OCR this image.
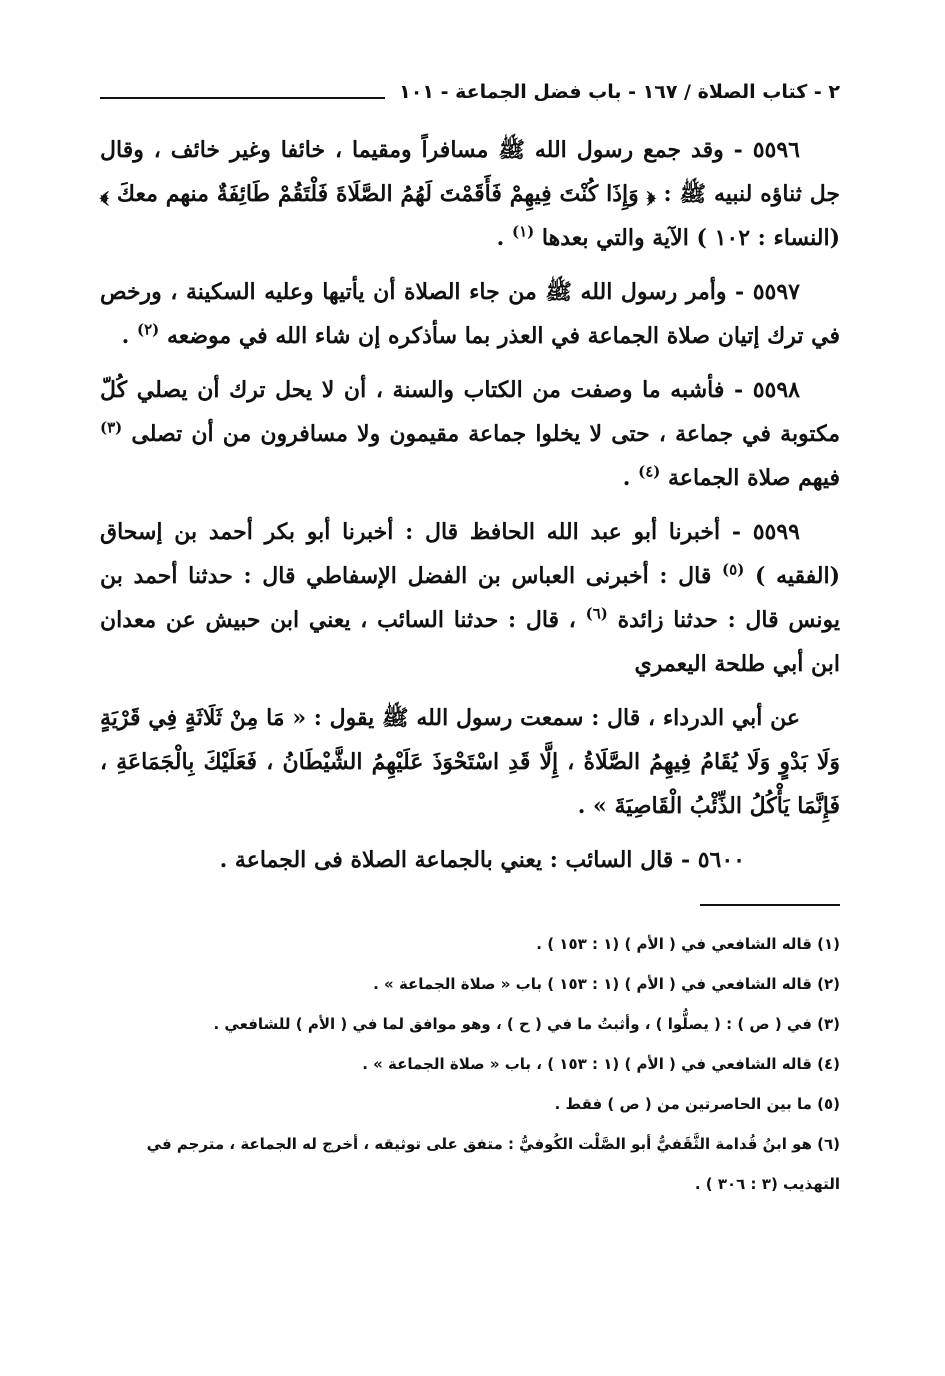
٢ - كتاب الصلاة / ١٦٧ - باب فضل الجماعة - ١٠١

٥٥٩٦ - وقد جمع رسول الله ﷺ مسافراً ومقيما ، خائفا وغير خائف ، وقال جل ثناؤه لنبيه ﷺ : ﴿ وَإِذَا كُنْتَ فِيهِمْ فَأَقَمْتَ لَهُمُ الصَّلَاةَ فَلْتَقُمْ طَائِفَةٌ منهم معكَ ﴾ (النساء : ١٠٢ ) الآية والتي بعدها $^{(١)}$ .

٥٥٩٧ - وأمر رسول الله ﷺ من جاء الصلاة أن يأتيها وعليه السكينة ، ورخص في ترك إتيان صلاة الجماعة في العذر بما سأذكره إن شاء الله في موضعه $^{(٢)}$ .

٥٥٩٨ - فأشبه ما وصفت من الكتاب والسنة ، أن لا يحل ترك أن يصلي كُلّ مكتوبة في جماعة ، حتى لا يخلوا جماعة مقيمون ولا مسافرون من أن تصلى $^{(٣)}$ فيهم صلاة الجماعة $^{(٤)}$ .

٥٥٩٩ - أخبرنا أبو عبد الله الحافظ قال : أخبرنا أبو بكر أحمد بن إسحاق (الفقيه ) $^{(٥)}$ قال : أخبرنى العباس بن الفضل الإسفاطي قال : حدثنا أحمد بن يونس قال : حدثنا زائدة $^{(٦)}$ ، قال : حدثنا السائب ، يعني ابن حبيش عن معدان ابن أبي طلحة اليعمري

عن أبي الدرداء ، قال : سمعت رسول الله ﷺ يقول : « مَا مِنْ ثَلَاثَةٍ فِي قَرْيَةٍ وَلَا بَدْوٍ وَلَا يُقَامُ فِيهِمُ الصَّلَاةُ ، إِلَّا قَدِ اسْتَحْوَذَ عَلَيْهِمُ الشَّيْطَانُ ، فَعَلَيْكَ بِالْجَمَاعَةِ ، فَإِنَّمَا يَأْكُلُ الذِّئْبُ الْقَاصِيَةَ » .

٥٦٠٠ - قال السائب : يعني بالجماعة الصلاة فى الجماعة .

(١) قاله الشافعي في ( الأم ) (١ : ١٥٣ ) .

(٢) قاله الشافعي في ( الأم ) (١ : ١٥٣ ) باب « صلاة الجماعة » .

(٣) في ( ص ) : ( يصلُّوا ) ، وأثبتُ ما في ( ح ) ، وهو موافق لما في ( الأم ) للشافعي .

(٤) قاله الشافعي في ( الأم ) (١ : ١٥٣ ) ، باب « صلاة الجماعة » .

(٥) ما بين الحاصرتين من ( ص ) فقط .

(٦) هو ابنُ قُدامة الثَّقَفيُّ أبو الصَّلْت الكُوفيُّ : متفق على توثيقه ، أخرج له الجماعة ، مترجم في التهذيب (٣ : ٣٠٦ ) .
